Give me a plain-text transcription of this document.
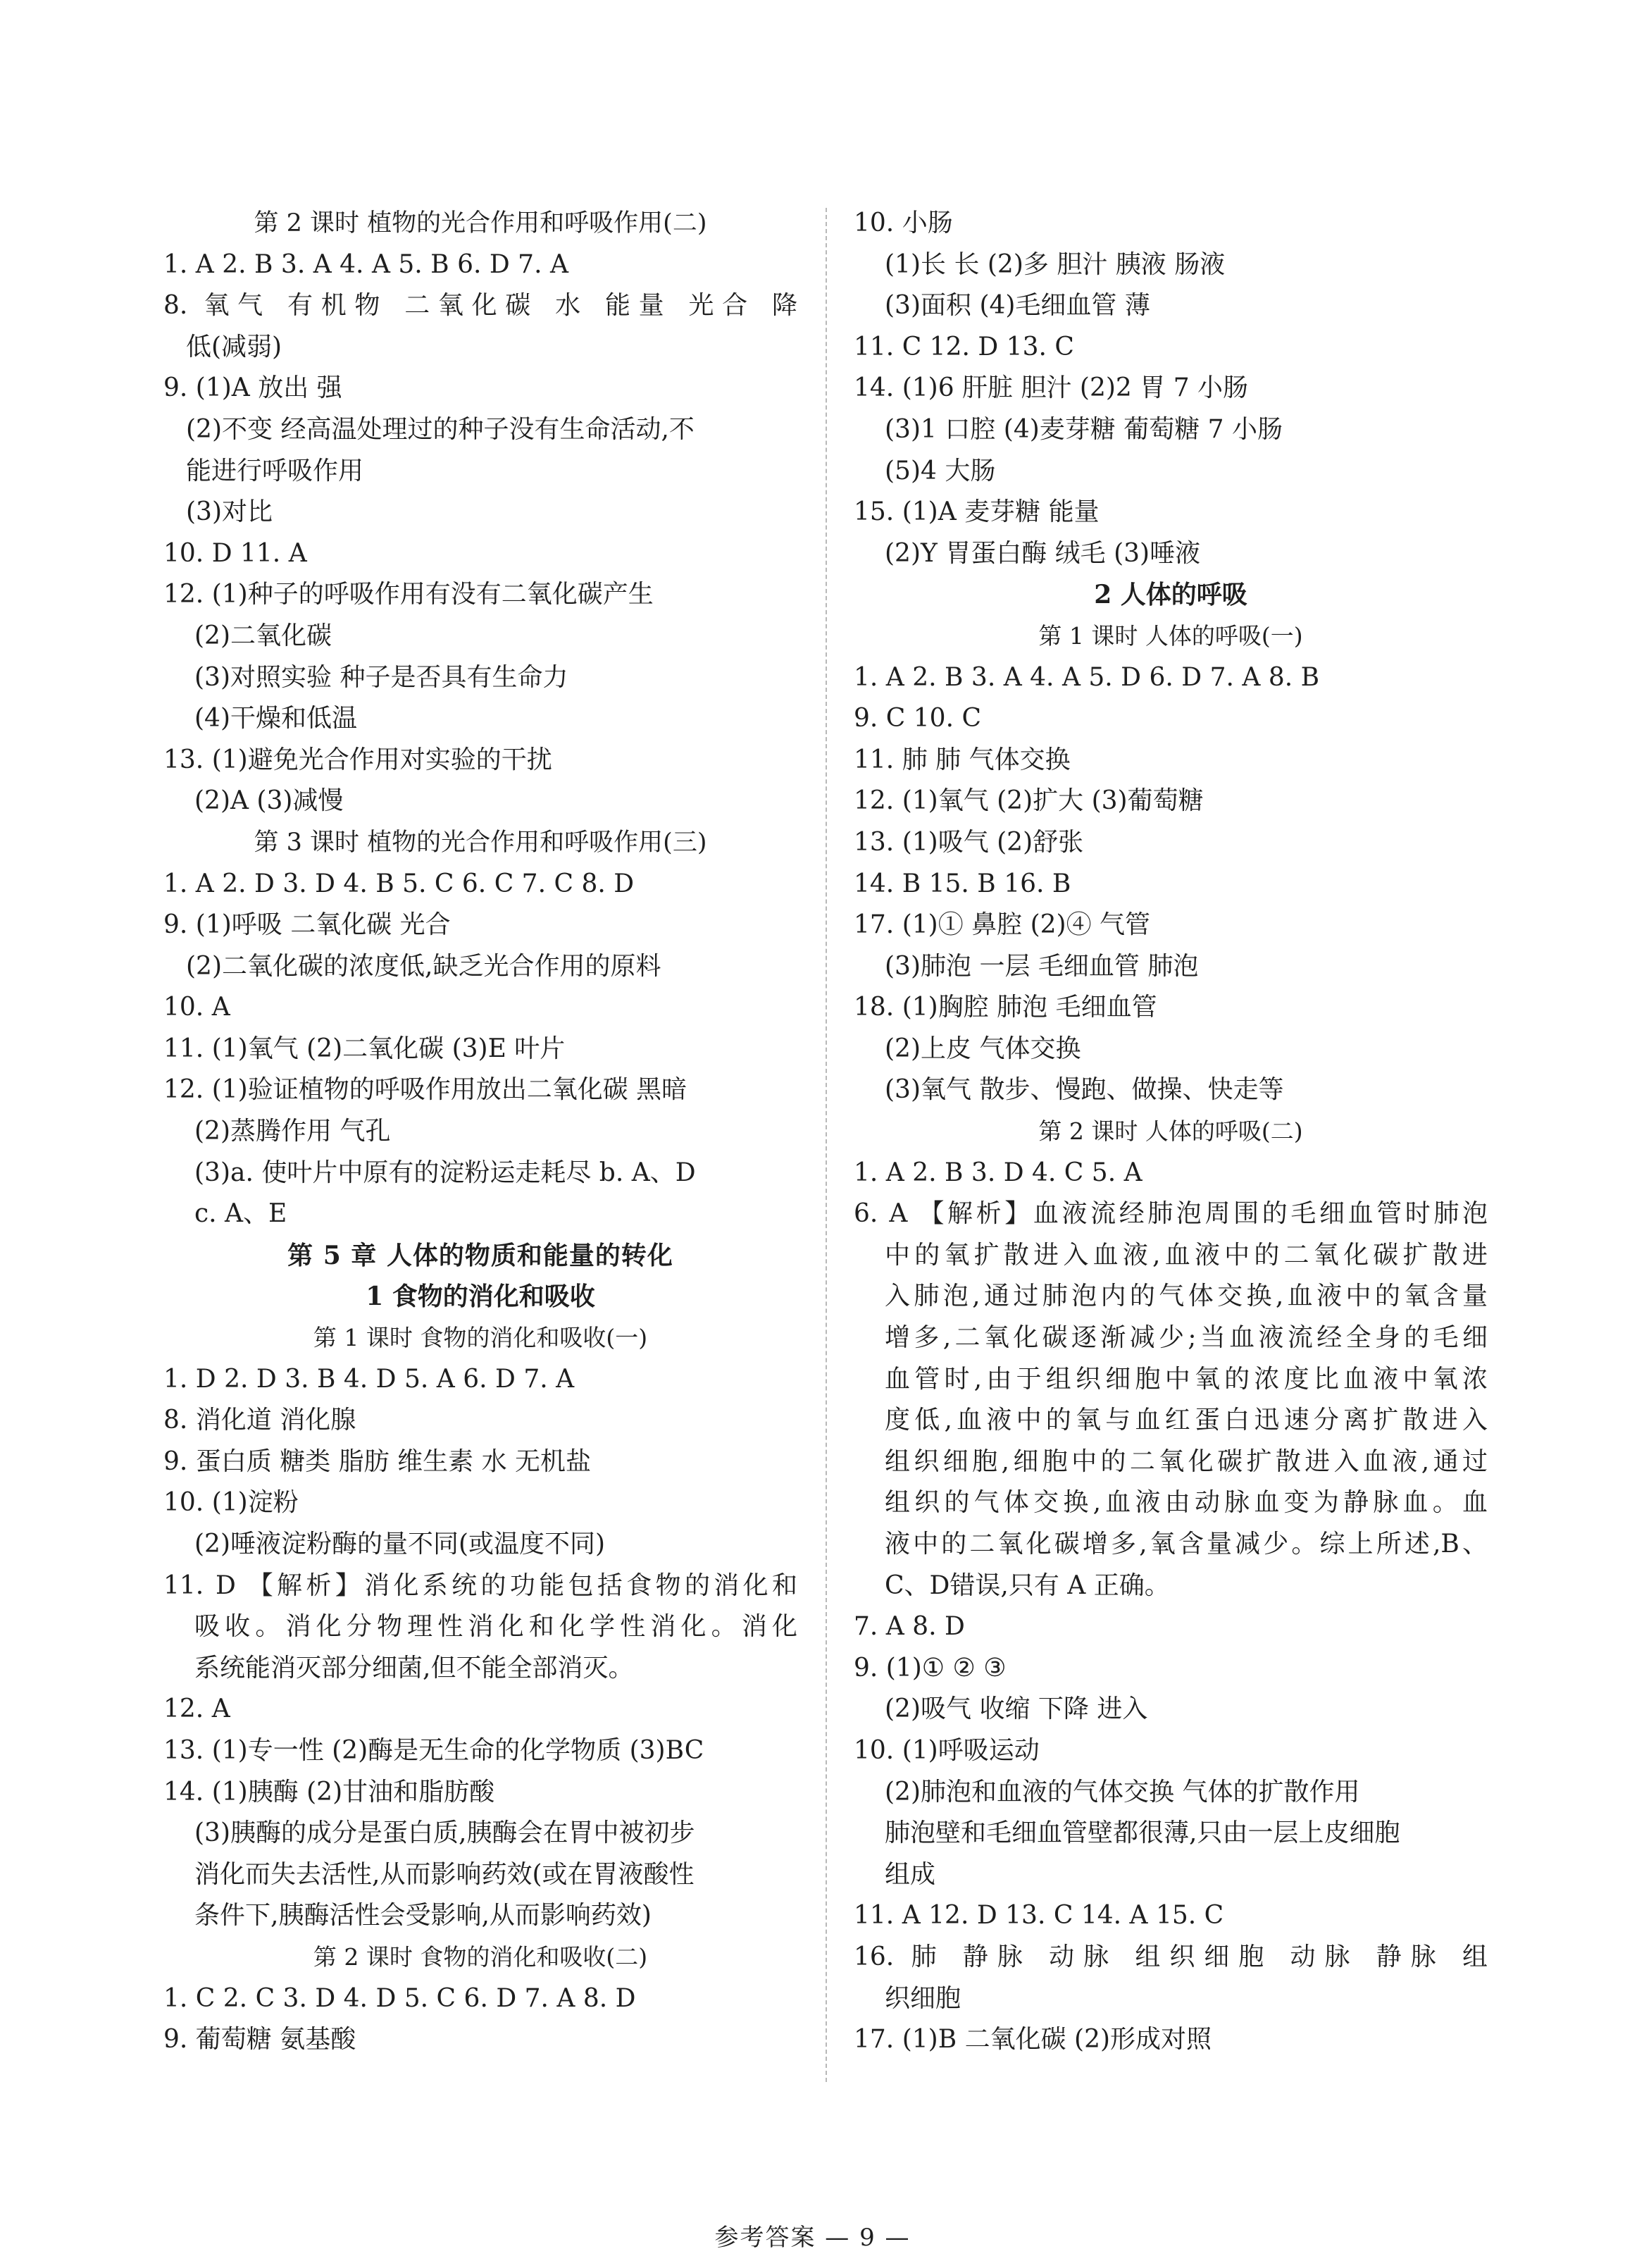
第 2 课时 植物的光合作用和呼吸作用(二)
1. A 2. B 3. A 4. A 5. B 6. D 7. A
8. 氧气 有机物 二氧化碳 水 能量 光合 降
低(减弱)
9. (1)A 放出 强
(2)不变 经高温处理过的种子没有生命活动,不
能进行呼吸作用
(3)对比
10. D 11. A
12. (1)种子的呼吸作用有没有二氧化碳产生
(2)二氧化碳
(3)对照实验 种子是否具有生命力
(4)干燥和低温
13. (1)避免光合作用对实验的干扰
(2)A (3)减慢
第 3 课时 植物的光合作用和呼吸作用(三)
1. A 2. D 3. D 4. B 5. C 6. C 7. C 8. D
9. (1)呼吸 二氧化碳 光合
(2)二氧化碳的浓度低,缺乏光合作用的原料
10. A
11. (1)氧气 (2)二氧化碳 (3)E 叶片
12. (1)验证植物的呼吸作用放出二氧化碳 黑暗
(2)蒸腾作用 气孔
(3)a. 使叶片中原有的淀粉运走耗尽 b. A、D
c. A、E
第 5 章 人体的物质和能量的转化
1 食物的消化和吸收
第 1 课时 食物的消化和吸收(一)
1. D 2. D 3. B 4. D 5. A 6. D 7. A
8. 消化道 消化腺
9. 蛋白质 糖类 脂肪 维生素 水 无机盐
10. (1)淀粉
(2)唾液淀粉酶的量不同(或温度不同)
11. D 【解析】消化系统的功能包括食物的消化和
吸收。消化分物理性消化和化学性消化。消化
系统能消灭部分细菌,但不能全部消灭。
12. A
13. (1)专一性 (2)酶是无生命的化学物质 (3)BC
14. (1)胰酶 (2)甘油和脂肪酸
(3)胰酶的成分是蛋白质,胰酶会在胃中被初步
消化而失去活性,从而影响药效(或在胃液酸性
条件下,胰酶活性会受影响,从而影响药效)
第 2 课时 食物的消化和吸收(二)
1. C 2. C 3. D 4. D 5. C 6. D 7. A 8. D
9. 葡萄糖 氨基酸
10. 小肠
(1)长 长 (2)多 胆汁 胰液 肠液
(3)面积 (4)毛细血管 薄
11. C 12. D 13. C
14. (1)6 肝脏 胆汁 (2)2 胃 7 小肠
(3)1 口腔 (4)麦芽糖 葡萄糖 7 小肠
(5)4 大肠
15. (1)A 麦芽糖 能量
(2)Y 胃蛋白酶 绒毛 (3)唾液
2 人体的呼吸
第 1 课时 人体的呼吸(一)
1. A 2. B 3. A 4. A 5. D 6. D 7. A 8. B
9. C 10. C
11. 肺 肺 气体交换
12. (1)氧气 (2)扩大 (3)葡萄糖
13. (1)吸气 (2)舒张
14. B 15. B 16. B
17. (1)① 鼻腔 (2)④ 气管
(3)肺泡 一层 毛细血管 肺泡
18. (1)胸腔 肺泡 毛细血管
(2)上皮 气体交换
(3)氧气 散步、慢跑、做操、快走等
第 2 课时 人体的呼吸(二)
1. A 2. B 3. D 4. C 5. A
6. A 【解析】血液流经肺泡周围的毛细血管时肺泡
中的氧扩散进入血液,血液中的二氧化碳扩散进
入肺泡,通过肺泡内的气体交换,血液中的氧含量
增多,二氧化碳逐渐减少;当血液流经全身的毛细
血管时,由于组织细胞中氧的浓度比血液中氧浓
度低,血液中的氧与血红蛋白迅速分离扩散进入
组织细胞,细胞中的二氧化碳扩散进入血液,通过
组织的气体交换,血液由动脉血变为静脉血。血
液中的二氧化碳增多,氧含量减少。综上所述,B、
C、D错误,只有 A 正确。
7. A 8. D
9. (1)① ② ③
(2)吸气 收缩 下降 进入
10. (1)呼吸运动
(2)肺泡和血液的气体交换 气体的扩散作用
肺泡壁和毛细血管壁都很薄,只由一层上皮细胞
组成
11. A 12. D 13. C 14. A 15. C
16. 肺 静脉 动脉 组织细胞 动脉 静脉 组
织细胞
17. (1)B 二氧化碳 (2)形成对照
参考答案 — 9 —
